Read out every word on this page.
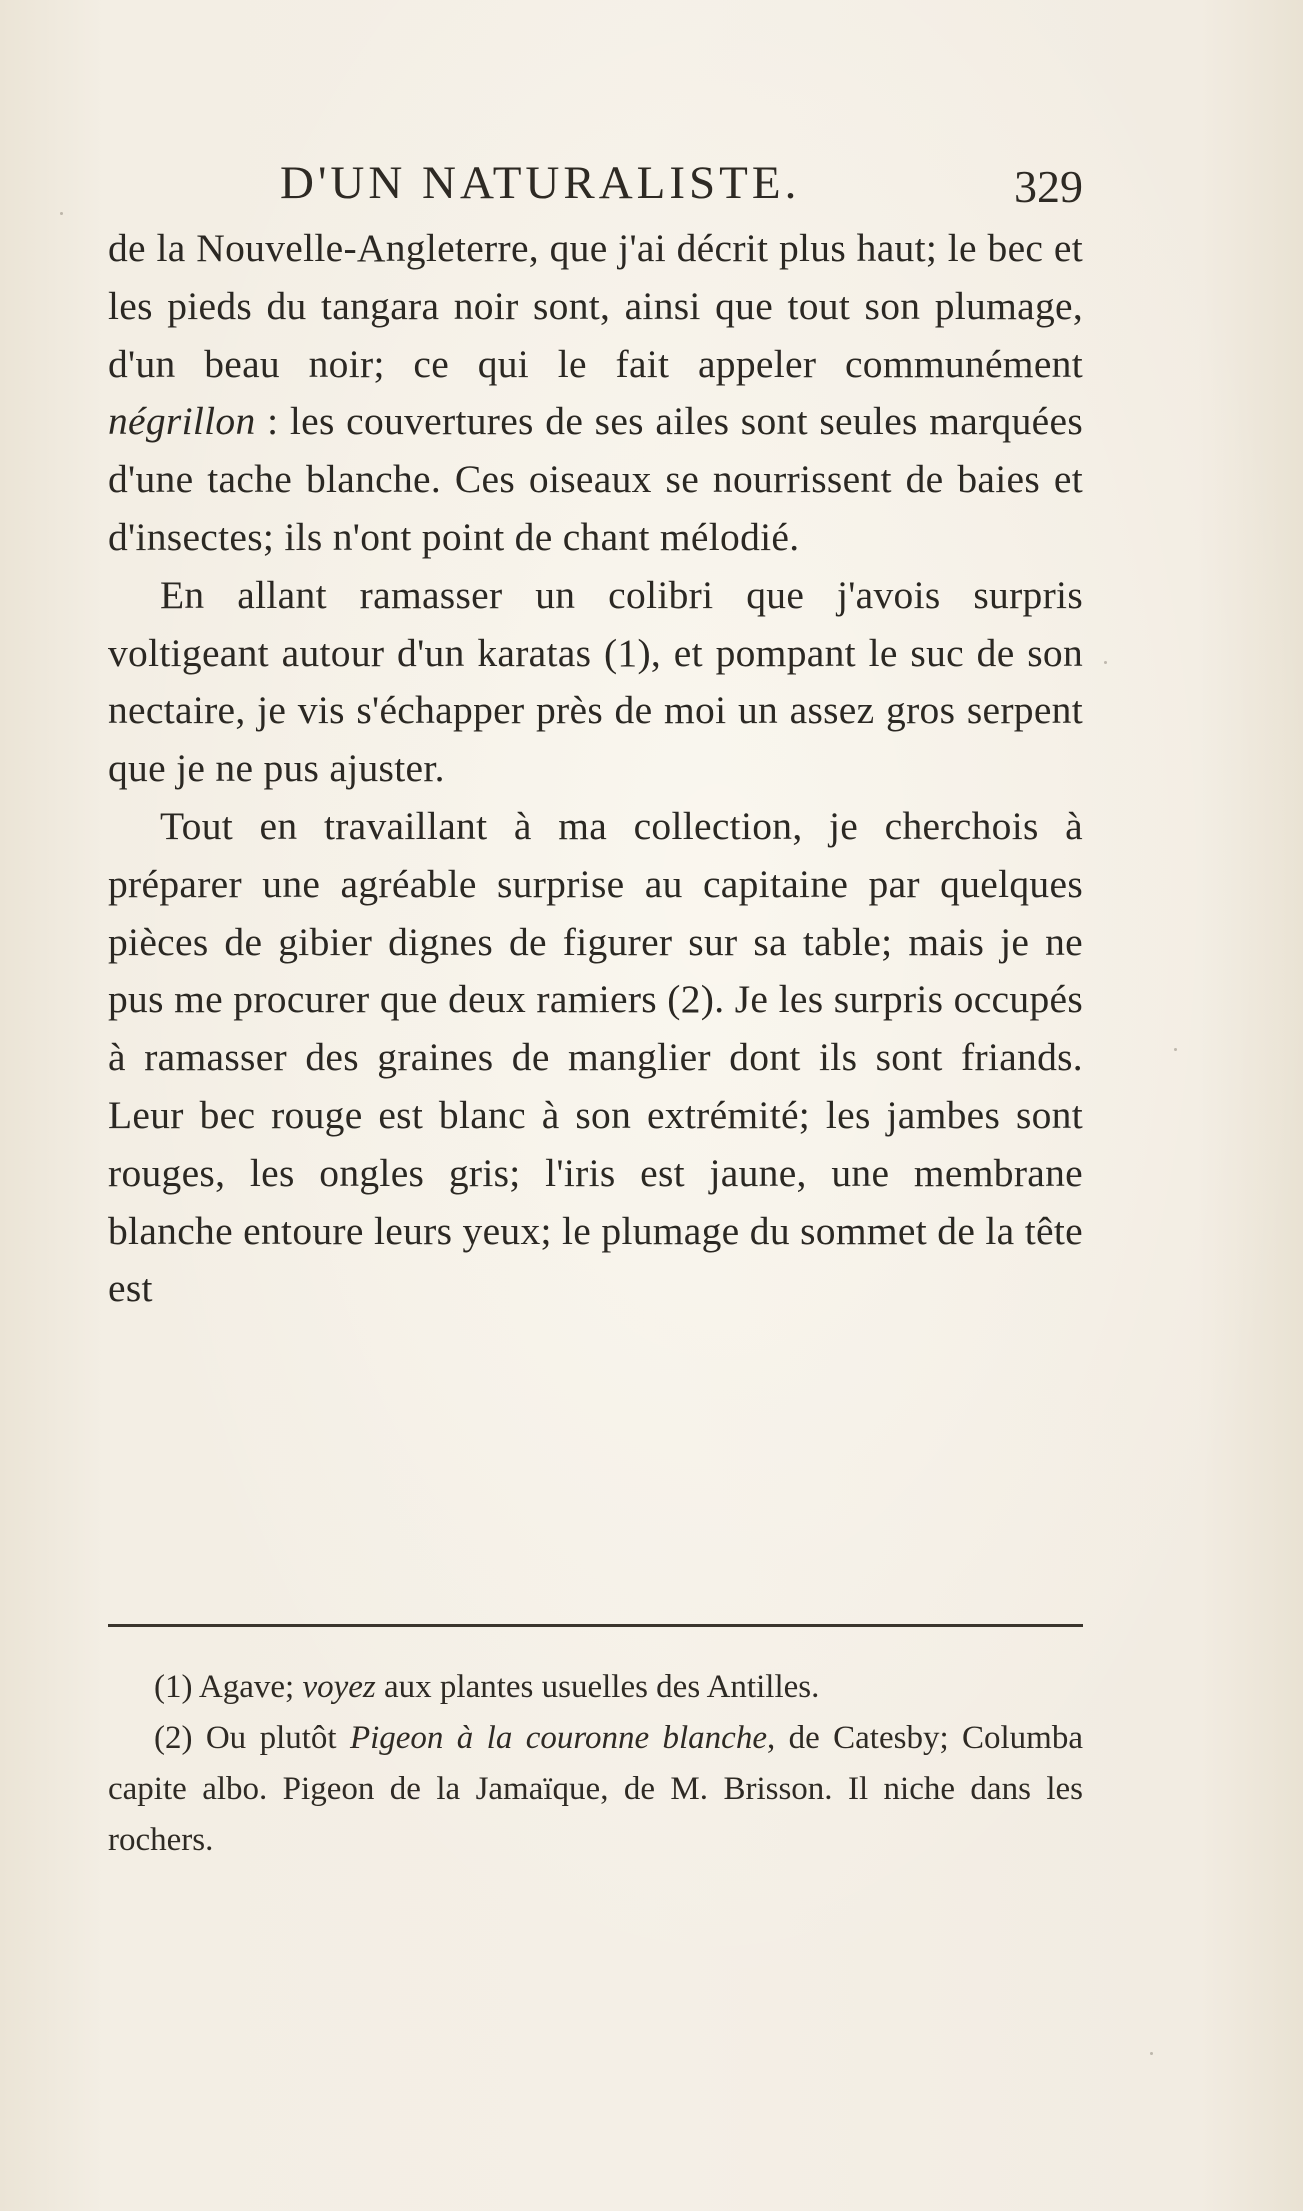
D'UN NATURALISTE.	329

de la Nouvelle-Angleterre, que j'ai décrit plus haut; le bec et les pieds du tangara noir sont, ainsi que tout son plumage, d'un beau noir; ce qui le fait appeler communément négrillon : les couvertures de ses ailes sont seules marquées d'une tache blanche. Ces oiseaux se nourrissent de baies et d'insectes; ils n'ont point de chant mélodié.

En allant ramasser un colibri que j'avois surpris voltigeant autour d'un karatas (1), et pompant le suc de son nectaire, je vis s'échapper près de moi un assez gros serpent que je ne pus ajuster.

Tout en travaillant à ma collection, je cherchois à préparer une agréable surprise au capitaine par quelques pièces de gibier dignes de figurer sur sa table; mais je ne pus me procurer que deux ramiers (2). Je les surpris occupés à ramasser des graines de manglier dont ils sont friands. Leur bec rouge est blanc à son extrémité; les jambes sont rouges, les ongles gris; l'iris est jaune, une membrane blanche entoure leurs yeux; le plumage du sommet de la tête est

(1) Agave; voyez aux plantes usuelles des Antilles.

(2) Ou plutôt Pigeon à la couronne blanche, de Catesby; Columba capite albo. Pigeon de la Jamaïque, de M. Brisson. Il niche dans les rochers.
